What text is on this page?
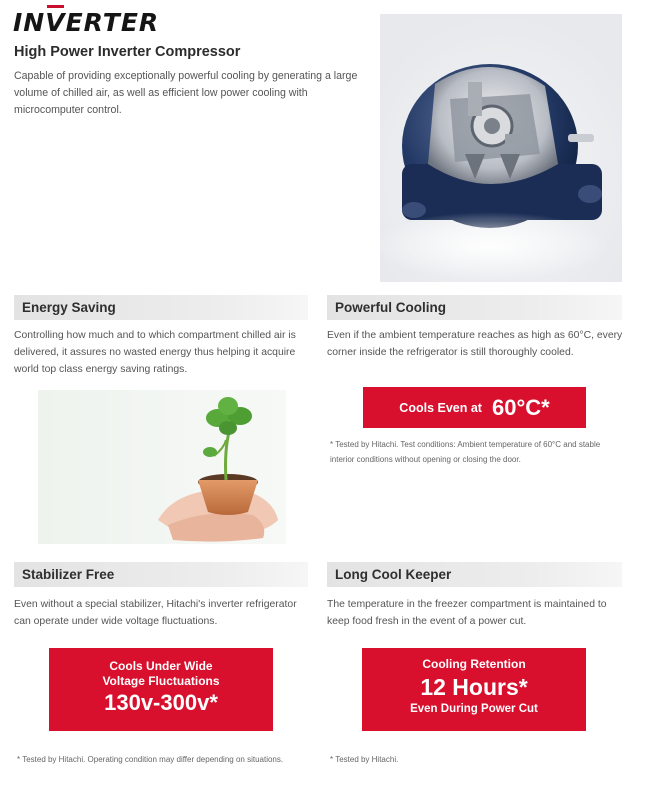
INVERTER
High Power Inverter Compressor
Capable of providing exceptionally powerful cooling by generating a large volume of chilled air, as well as efficient low power cooling with microcomputer control.
Energy Saving
Controlling how much and to which compartment chilled air is delivered, it assures no wasted energy thus helping it acquire world top class energy saving ratings.
Powerful Cooling
Even if the ambient temperature reaches as high as 60°C, every corner inside the refrigerator is still thoroughly cooled.
Cools Even at 60°C*
* Tested by Hitachi. Test conditions: Ambient temperature of 60°C and stable interior conditions without opening or closing the door.
Stabilizer Free
Even without a special stabilizer, Hitachi's inverter refrigerator can operate under wide voltage fluctuations.
Cools Under Wide
Voltage Fluctuations
130v-300v*
* Tested by Hitachi. Operating condition may differ depending on situations.
Long Cool Keeper
The temperature in the freezer compartment is maintained to keep food fresh in the event of a power cut.
Cooling Retention
12 Hours*
Even During Power Cut
* Tested by Hitachi.
